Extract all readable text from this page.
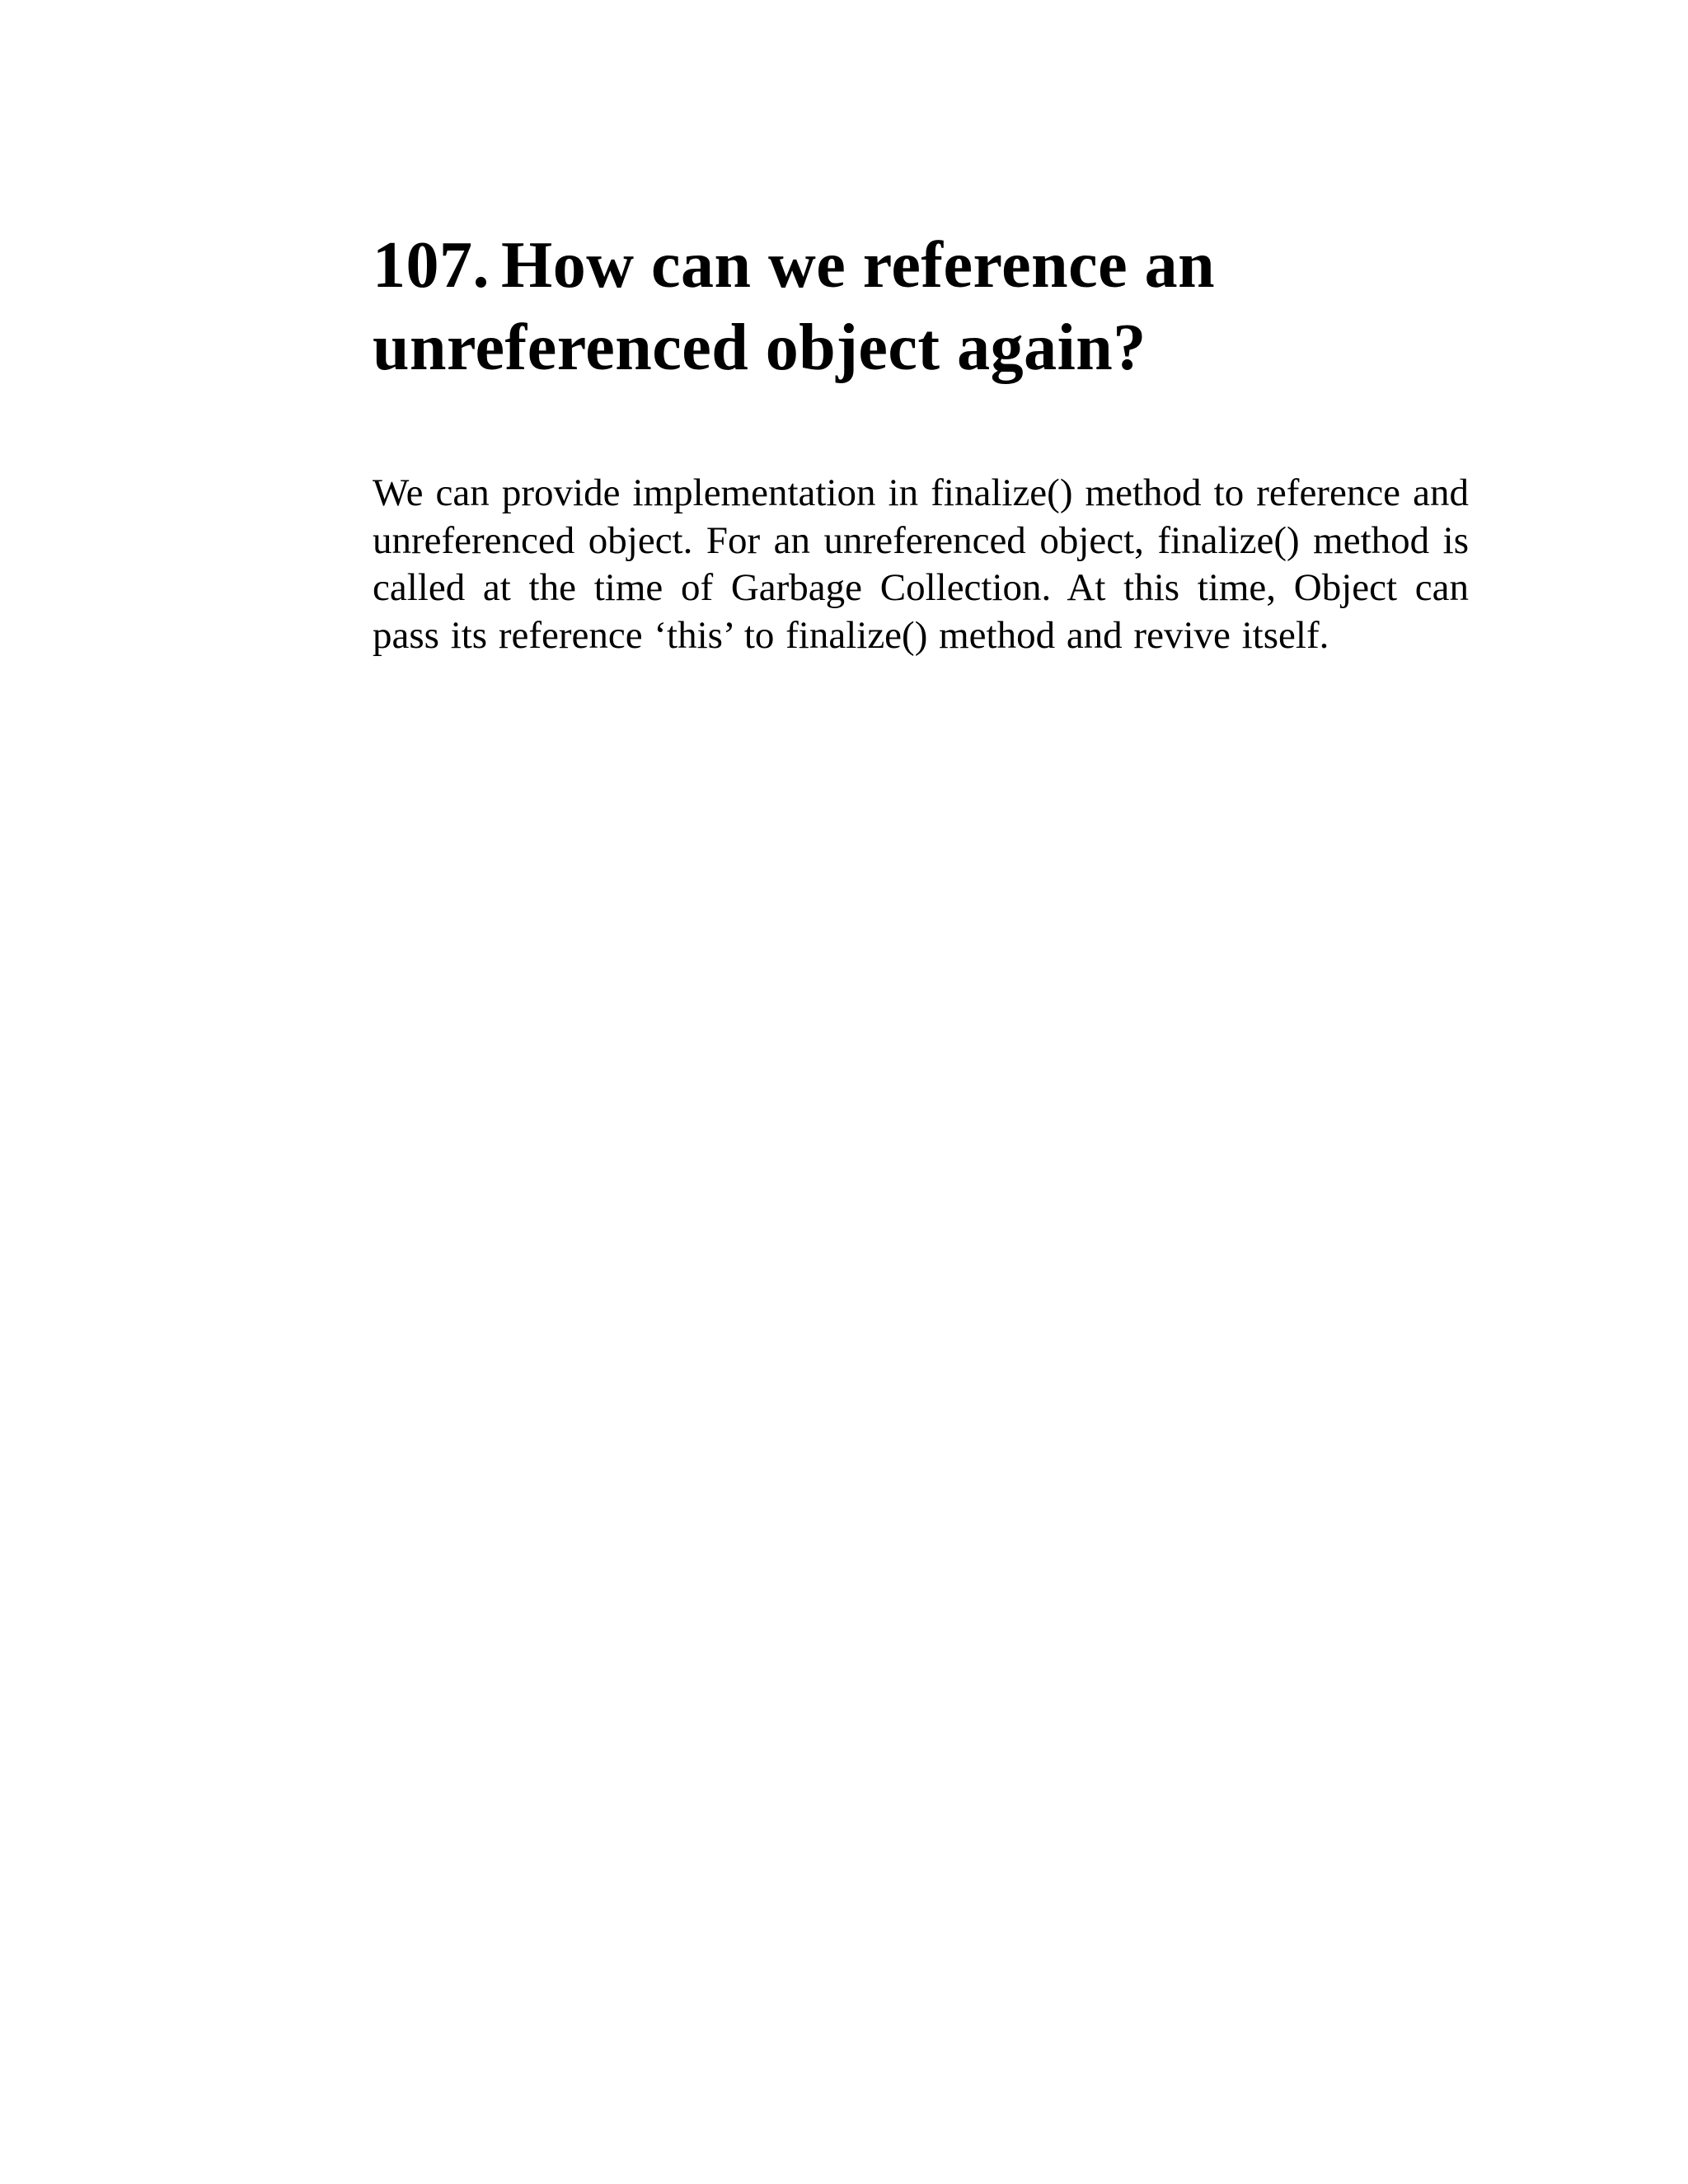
107. How can we reference an unreferenced object again?

We can provide implementation in finalize() method to reference and unreferenced object. For an unreferenced object, finalize() method is called at the time of Garbage Collection. At this time, Object can pass its reference ‘this’ to finalize() method and revive itself.
